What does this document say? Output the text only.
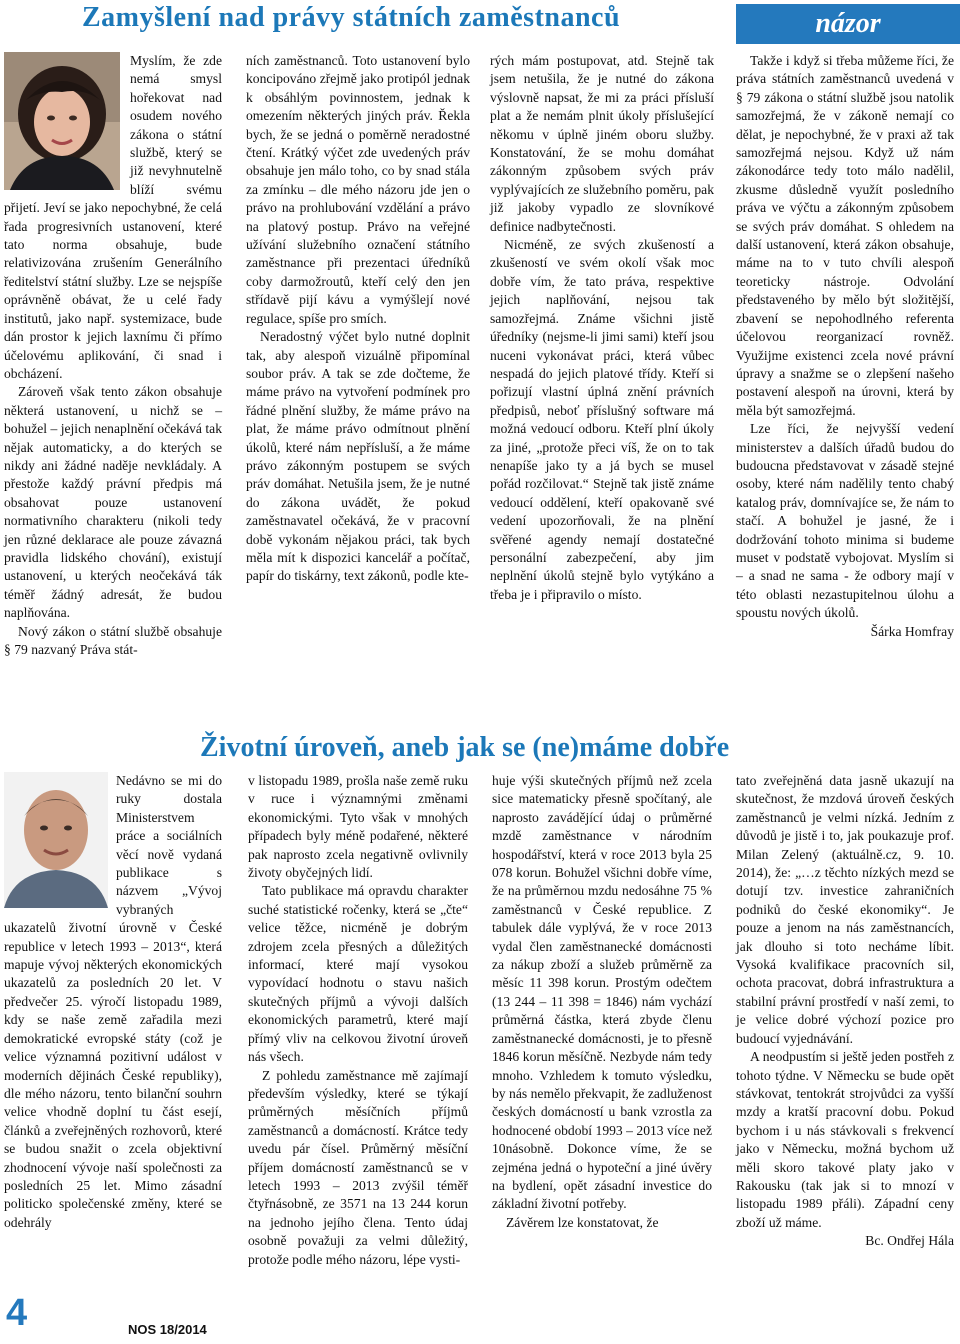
Zamyšlení nad právy státních zaměstnanců	názor

Myslím, že zde nemá smysl hořekovat nad osudem nového zákona o státní službě, který se již nevyhnutelně blíží svému přijetí. Jeví se jako nepochybné, že celá řada progresivních ustanovení, které tato norma obsahuje, bude relativizována zrušením Generálního ředitelství státní služby. Lze se nejspíše oprávněně obávat, že u celé řady institutů, jako např. systemizace, bude dán prostor k jejich laxnímu či přímo účelovému aplikování, či snad i obcházení.

Zároveň však tento zákon obsahuje některá ustanovení, u nichž se – bohužel – jejich nenaplnění očekává tak nějak automaticky, a do kterých se nikdy ani žádné naděje nevkládaly. A přestože každý právní předpis má obsahovat pouze ustanovení normativního charakteru (nikoli tedy jen různé deklarace ale pouze závazná pravidla lidského chování), existují ustanovení, u kterých neočekává ták téměř žádný adresát, že budou naplňována.

Nový zákon o státní službě obsahuje § 79 nazvaný Práva stát-

ních zaměstnanců. Toto ustanovení bylo koncipováno zřejmě jako protipól jednak k obsáhlým povinnostem, jednak k omezením některých jiných práv. Řekla bych, že se jedná o poměrně neradostné čtení. Krátký výčet zde uvedených práv obsahuje jen málo toho, co by snad stála za zmínku – dle mého názoru jde jen o právo na prohlubování vzdělání a právo na platový postup. Právo na veřejné užívání služebního označení státního zaměstnance při prezentaci úředníků coby darmožroutů, kteří celý den jen střídavě pijí kávu a vymýšlejí nové regulace, spíše pro smích.

Neradostný výčet bylo nutné doplnit tak, aby alespoň vizuálně připomínal soubor práv. A tak se zde dočteme, že máme právo na vytvoření podmínek pro řádné plnění služby, že máme právo na plat, že máme právo odmítnout plnění úkolů, které nám nepřísluší, a že máme právo zákonným postupem se svých práv domáhat. Netušila jsem, že je nutné do zákona uvádět, že pokud zaměstnavatel očekává, že v pracovní době vykonám nějakou práci, tak bych měla mít k dispozici kancelář a počítač, papír do tiskárny, text zákonů, podle kte-

rých mám postupovat, atd. Stejně tak jsem netušila, že je nutné do zákona výslovně napsat, že mi za práci přísluší plat a že nemám plnit úkoly příslušející někomu v úplně jiném oboru služby. Konstatování, že se mohu domáhat zákonným způsobem svých práv vyplývajících ze služebního poměru, pak již jakoby vypadlo ze slovníkové definice nadbytečnosti.

Nicméně, ze svých zkušeností a zkušeností ve svém okolí však moc dobře vím, že tato práva, respektive jejich naplňování, nejsou tak samozřejmá. Známe všichni jistě úředníky (nejsme-li jimi sami) kteří jsou nuceni vykonávat práci, která vůbec nespadá do jejich platové třídy. Kteří si pořizují vlastní úplná znění právních předpisů, neboť příslušný software má možná vedoucí odboru. Kteří plní úkoly za jiné, „protože přeci víš, že on to tak nenapíše jako ty a já bych se musel pořád rozčilovat.“ Stejně tak jistě známe vedoucí oddělení, kteří opakovaně své vedení upozorňovali, že na plnění svěřené agendy nemají dostatečné personální zabezpečení, aby jim neplnění úkolů stejně bylo vytýkáno a třeba je i připravilo o místo.

Takže i když si třeba můžeme říci, že práva státních zaměstnanců uvedená v § 79 zákona o státní službě jsou natolik samozřejmá, že v zákoně nemají co dělat, je nepochybné, že v praxi až tak samozřejmá nejsou. Když už nám zákonodárce tedy toto málo nadělil, zkusme důsledně využít posledního práva ve výčtu a zákonným způsobem se svých práv domáhat. S ohledem na další ustanovení, která zákon obsahuje, máme na to v tuto chvíli alespoň teoreticky nástroje. Odvolání představeného by mělo být složitější, zbavení se nepohodlného referenta účelovou reorganizací rovněž. Využijme existenci zcela nové právní úpravy a snažme se o zlepšení našeho postavení alespoň na úrovni, která by měla být samozřejmá.

Lze říci, že nejvyšší vedení ministerstev a dalších úřadů budou do budoucna představovat v zásadě stejné osoby, které nám nadělily tento chabý katalog práv, domnívajíce se, že nám to stačí. A bohužel je jasné, že i dodržování tohoto minima si budeme muset v podstatě vybojovat. Myslím si – a snad ne sama - že odbory mají v této oblasti nezastupitelnou úlohu a spoustu nových úkolů.

Šárka Homfray
Životní úroveň, aneb jak se (ne)máme dobře

Nedávno se mi do ruky dostala Ministerstvem práce a sociálních věcí nově vydaná publikace s názvem „Vývoj vybraných ukazatelů životní úrovně v České republice v letech 1993 – 2013“, která mapuje vývoj některých ekonomických ukazatelů za posledních 20 let. V předvečer 25. výročí listopadu 1989, kdy se naše země zařadila mezi demokratické evropské státy (což je velice významná pozitivní událost v moderních dějinách České republiky), dle mého názoru, tento bilanční souhrn velice vhodně doplní tu část esejí, článků a zveřejněných rozhovorů, které se budou snažit o zcela objektivní zhodnocení vývoje naší společnosti za posledních 25 let. Mimo zásadní politicko společenské změny, které se odehrály

v listopadu 1989, prošla naše země ruku v ruce i významnými změnami ekonomickými. Tyto však v mnohých případech byly méně podařené, některé pak naprosto zcela negativně ovlivnily životy obyčejných lidí.

Tato publikace má opravdu charakter suché statistické ročenky, která se „čte“ velice těžce, nicméně je dobrým zdrojem zcela přesných a důležitých informací, které mají vysokou vypovídací hodnotu o stavu našich skutečných příjmů a vývoji dalších ekonomických parametrů, které mají přímý vliv na celkovou životní úroveň nás všech.

Z pohledu zaměstnance mě zajímají především výsledky, které se týkají průměrných měsíčních příjmů zaměstnanců a domácností. Krátce tedy uvedu pár čísel. Průměrný měsíční příjem domácností zaměstnanců se v letech 1993 – 2013 zvýšil téměř čtyřnásobně, ze 3571 na 13 244 korun na jednoho jejího člena. Tento údaj osobně považuji za velmi důležitý, protože podle mého názoru, lépe vysti-

huje výši skutečných příjmů než zcela sice matematicky přesně spočítaný, ale naprosto zavádějící údaj o průměrné mzdě zaměstnance v národním hospodářství, která v roce 2013 byla 25 078 korun. Bohužel všichni dobře víme, že na průměrnou mzdu nedosáhne 75 % zaměstnanců v České republice. Z tabulek dále vyplývá, že v roce 2013 vydal člen zaměstnanecké domácnosti za nákup zboží a služeb průměrně za měsíc 11 398 korun. Prostým odečtem (13 244 – 11 398 = 1846) nám vychází průměrná částka, která zbyde členu zaměstnanecké domácnosti, je to přesně 1846 korun měsíčně. Nezbyde nám tedy mnoho. Vzhledem k tomuto výsledku, by nás nemělo překvapit, že zadluženost českých domácností u bank vzrostla za hodnocené období 1993 – 2013 více než 10násobně. Dokonce víme, že se zejména jedná o hypoteční a jiné úvěry na bydlení, opět zásadní investice do základní životní potřeby.

Závěrem lze konstatovat, že

tato zveřejněná data jasně ukazují na skutečnost, že mzdová úroveň českých zaměstnanců je velmi nízká. Jedním z důvodů je jistě i to, jak poukazuje prof. Milan Zelený (aktuálně.cz, 9. 10. 2014), že: „…z těchto nízkých mezd se dotují tzv. investice zahraničních podniků do české ekonomiky“. Je pouze a jenom na nás zaměstnancích, jak dlouho si toto necháme líbit. Vysoká kvalifikace pracovních sil, ochota pracovat, dobrá infrastruktura a stabilní právní prostředí v naší zemi, to je velice dobré výchozí pozice pro budoucí vyjednávání.

A neodpustím si ještě jeden postřeh z tohoto týdne. V Německu se bude opět stávkovat, tentokrát strojvůdci za vyšší mzdy a kratší pracovní dobu. Pokud bychom i u nás stávkovali s frekvencí jako v Německu, možná bychom už měli skoro takové platy jako v Rakousku (tak jak si to mnozí v listopadu 1989 přáli). Západní ceny zboží už máme.

Bc. Ondřej Hála
4	NOS 18/2014
